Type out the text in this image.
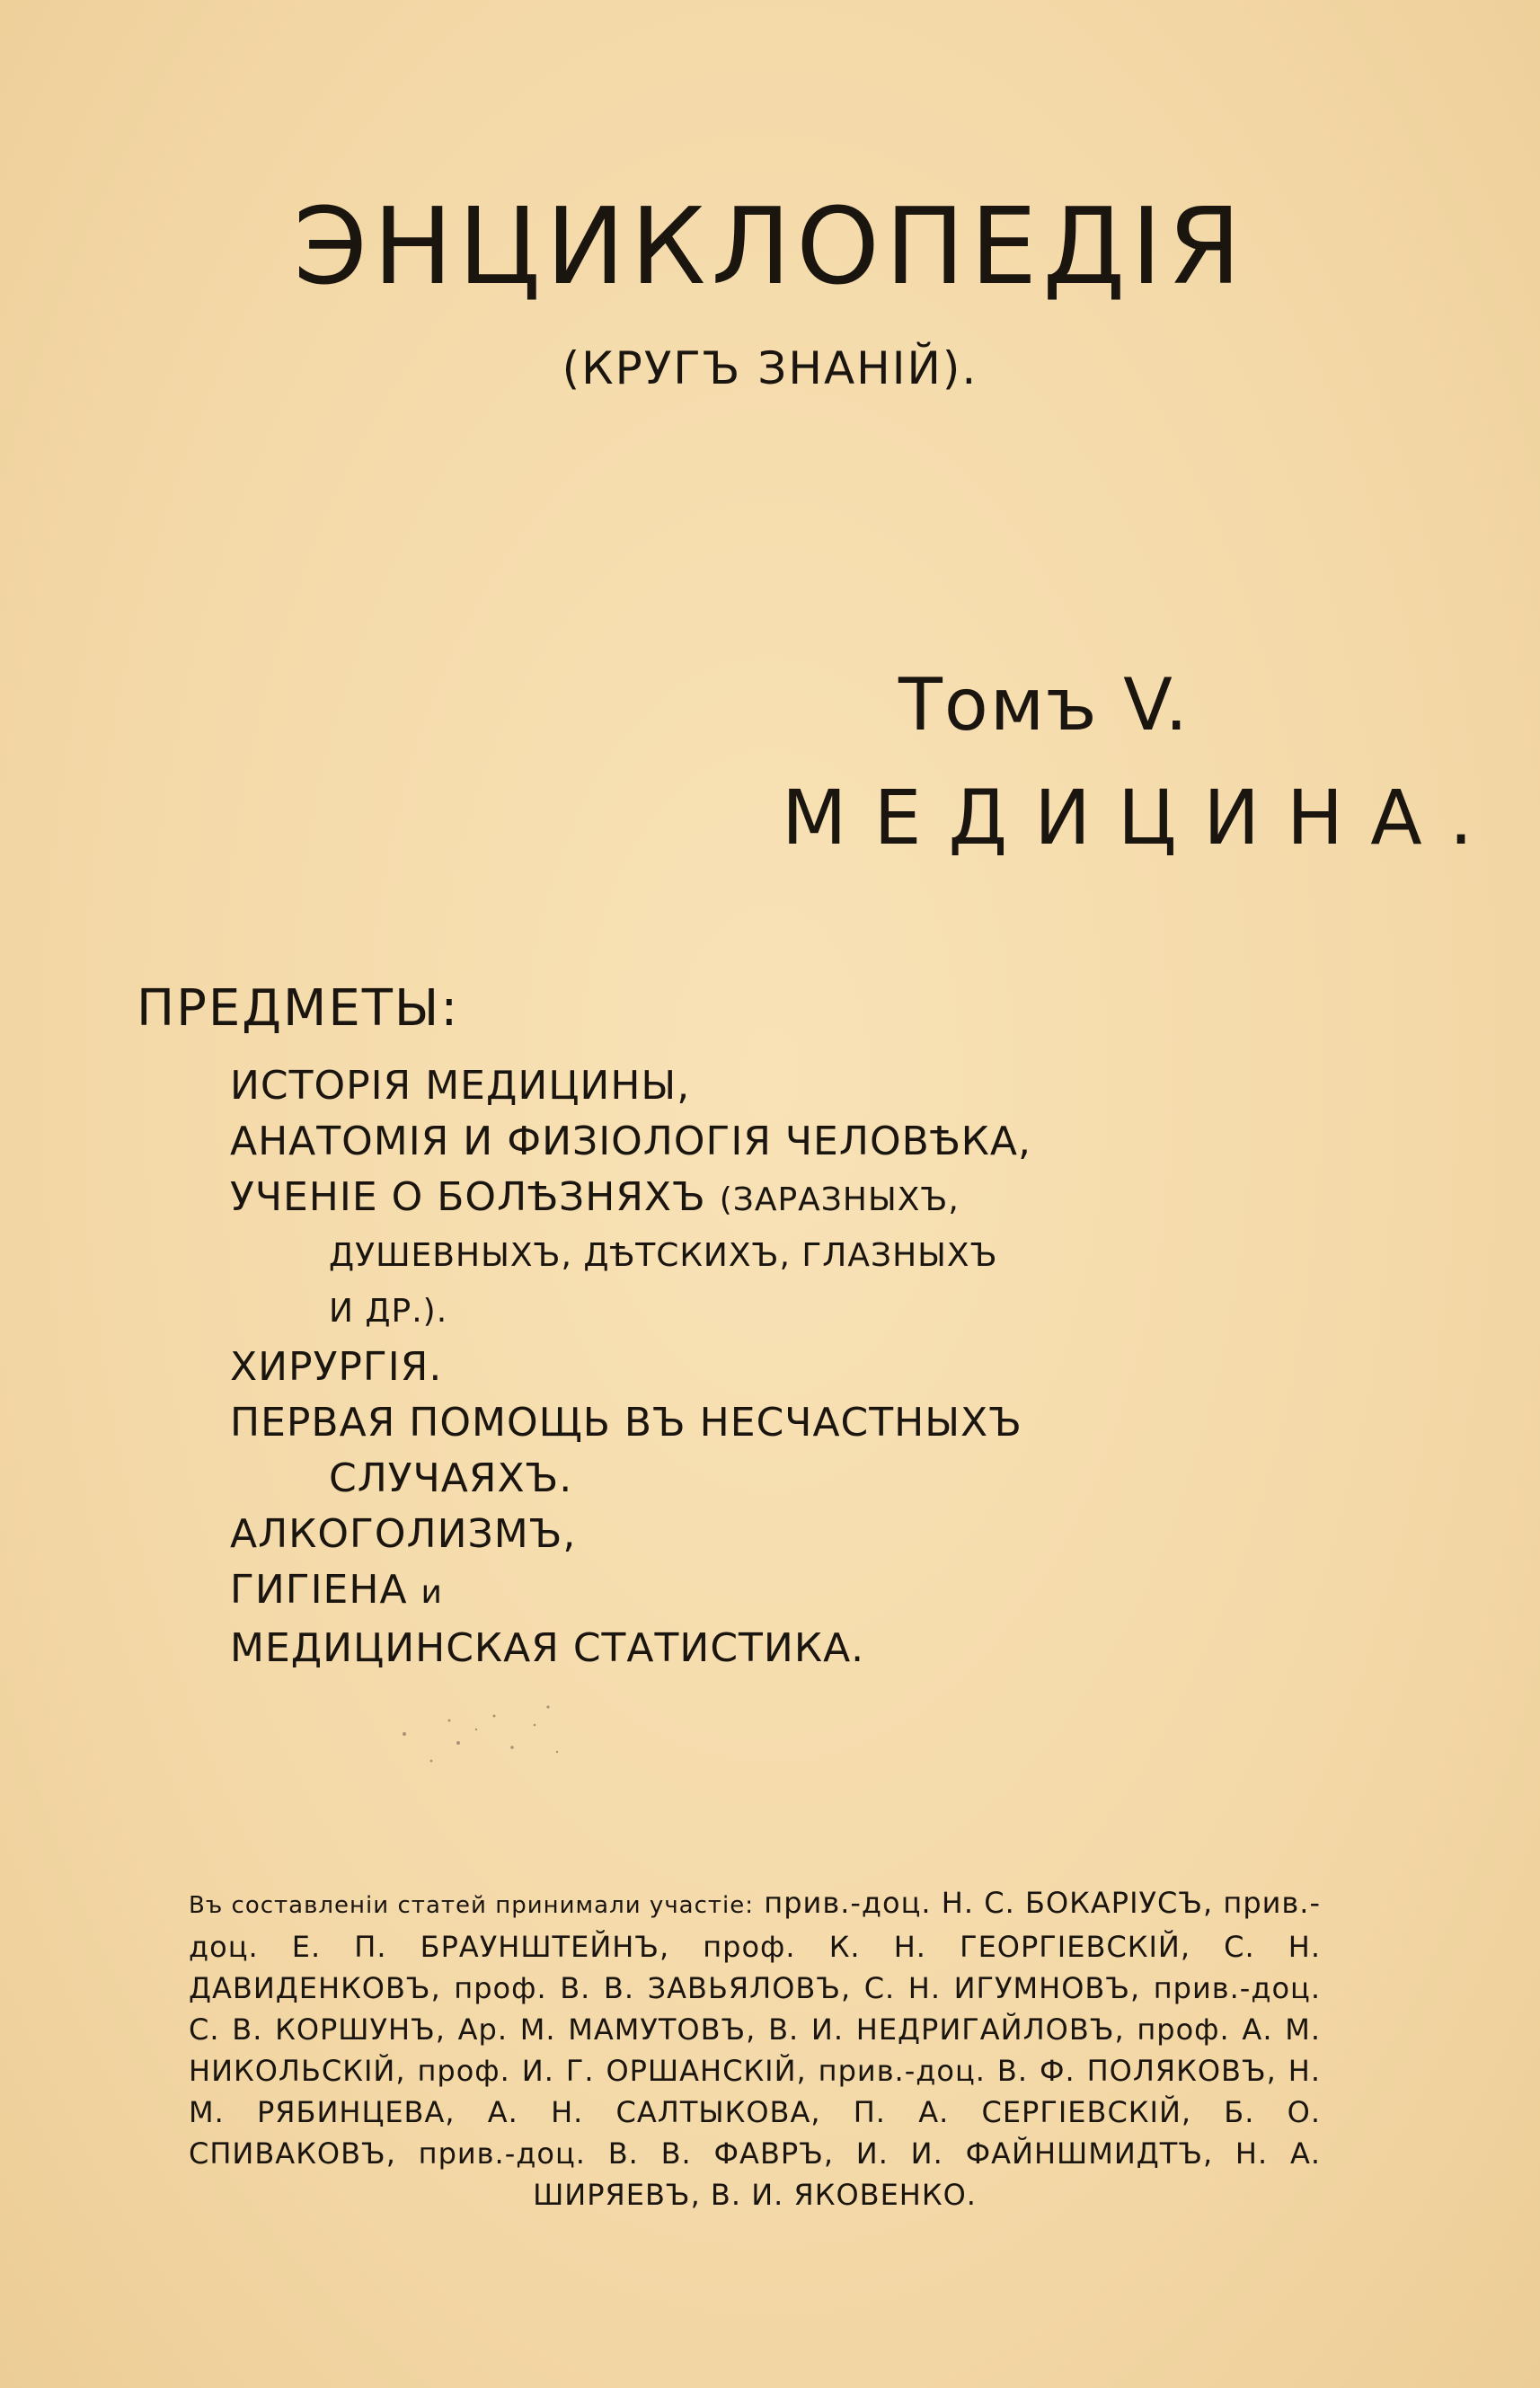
ЭНЦИКЛОПЕДІЯ
(КРУГЪ ЗНАНІЙ).
Томъ V.
МЕДИЦИНА.
ПРЕДМЕТЫ:
ИСТОРІЯ МЕДИЦИНЫ,
АНАТОМІЯ И ФИЗІОЛОГІЯ ЧЕЛОВѢКА,
УЧЕНІЕ О БОЛѢЗНЯХЪ (ЗАРАЗНЫХЪ,
ДУШЕВНЫХЪ, ДѢТСКИХЪ, ГЛАЗНЫХЪ
И ДР.).
ХИРУРГІЯ.
ПЕРВАЯ ПОМОЩЬ ВЪ НЕСЧАСТНЫХЪ
СЛУЧАЯХЪ.
АЛКОГОЛИЗМЪ,
ГИГІЕНА и
МЕДИЦИНСКАЯ СТАТИСТИКА.
Въ составленіи статей принимали участіе: прив.-доц. Н. С. БОКАРІУСЪ, прив.-доц. Е. П. БРАУНШТЕЙНЪ, проф. К. Н. ГЕОРГІЕВСКІЙ, С. Н. ДАВИДЕНКОВЪ, проф. В. В. ЗАВЬЯЛОВЪ, С. Н. ИГУМНОВЪ, прив.-доц. С. В. КОРШУНЪ, Ар. М. МАМУТОВЪ, В. И. НЕДРИГАЙЛОВЪ, проф. А. М. НИКОЛЬСКІЙ, проф. И. Г. ОРШАНСКІЙ, прив.-доц. В. Ф. ПОЛЯКОВЪ, Н. М. РЯБИНЦЕВА, А. Н. САЛТЫКОВА, П. А. СЕРГІЕВСКІЙ, Б. О. СПИВАКОВЪ, прив.-доц. В. В. ФАВРЪ, И. И. ФАЙНШМИДТЪ, Н. А. ШИРЯЕВЪ, В. И. ЯКОВЕНКО.
